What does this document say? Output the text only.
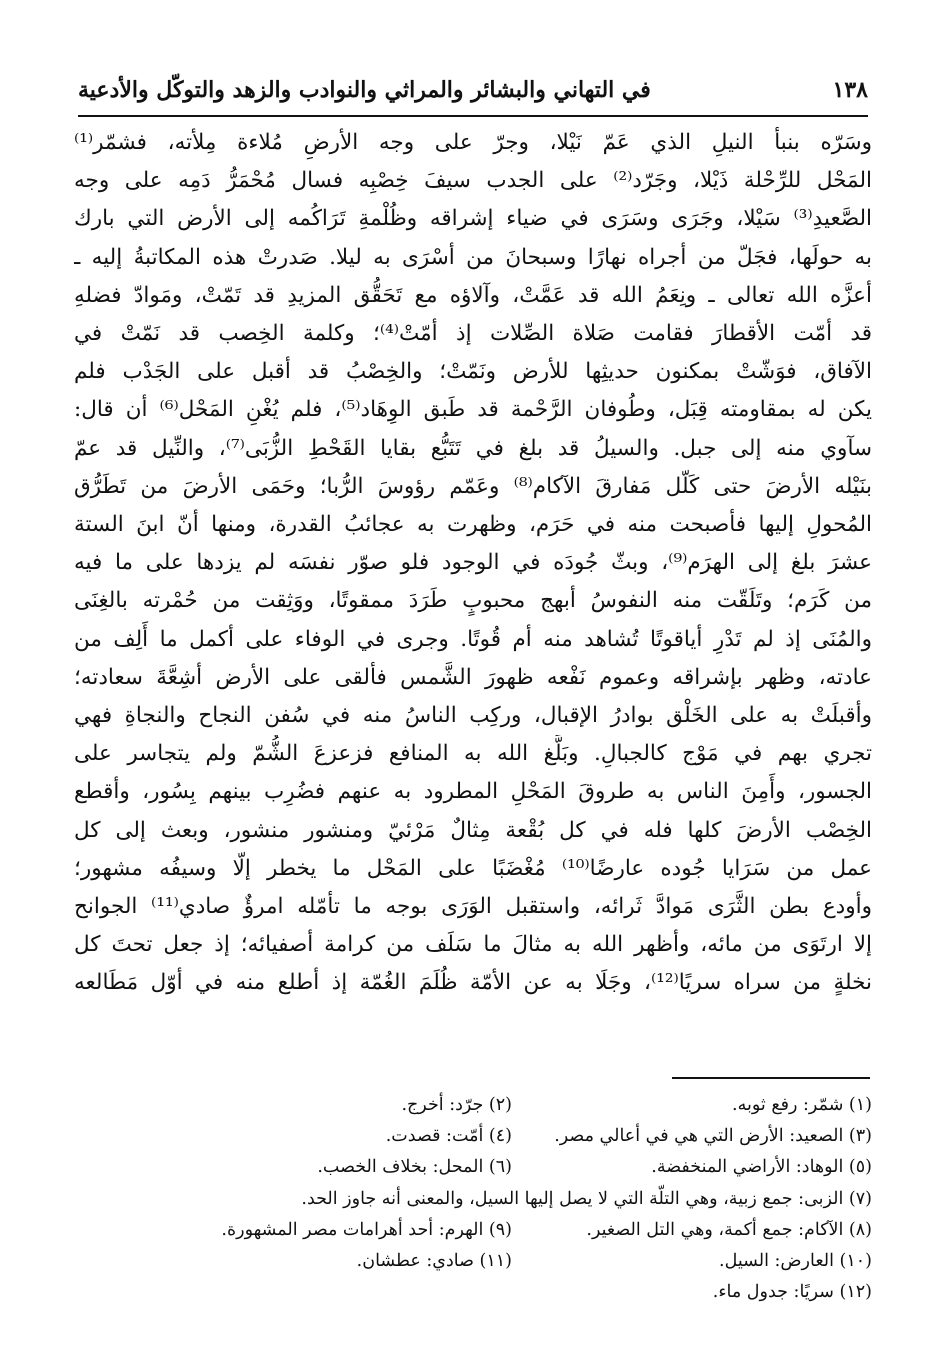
١٣٨
في التهاني والبشائر والمراثي والنوادب والزهد والتوكّل والأدعية
وسَرّه بنبأ النيلِ الذي عَمّ نَيْلا، وجرّ على وجه الأرضِ مُلاءة مِلأته، فشمّر⁽¹⁾
المَحْل للرِّحْلة ذَيْلا، وجَرّد⁽²⁾ على الجدب سيفَ خِصْبِه فسال مُحْمَرُّ دَمِه على وجه
الصَّعيدِ⁽³⁾ سَيْلا، وجَرَى وسَرَى في ضياء إشراقه وظُلْمةِ تَرَاكُمه إلى الأرض التي بارك
به حولَها، فجَلّ من أجراه نهارًا وسبحانَ من أسْرَى به ليلا. صَدرتْ هذه المكاتبةُ إليه ـ
أعزَّه الله تعالى ـ ونِعَمُ الله قد عَمَّتْ، وآلاؤه مع تَحَقُّق المزيدِ قد تَمّتْ، ومَوادّ فضلهِ
قد أمّت الأقطارَ فقامت صَلاة الصِّلات إذ أمّتْ⁽⁴⁾؛ وكلمة الخِصب قد نَمّتْ في
الآفاق، فوَشّتْ بمكنون حديثِها للأرض ونَمّتْ؛ والخِصْبُ قد أقبل على الجَدْب فلم
يكن له بمقاومته قِبَل، وطُوفان الرَّحْمة قد طَبق الوِهَاد⁽⁵⁾، فلم يُغْنِ المَحْل⁽⁶⁾ أن قال:
سآوي منه إلى جبل. والسيلُ قد بلغ في تَتَبُّع بقايا القَحْطِ الزُّبَى⁽⁷⁾، والنِّيل قد عمّ
بنَيْله الأرضَ حتى كَلّل مَفارقَ الآكام⁽⁸⁾ وعَمّم رؤوسَ الرُّبا؛ وحَمَى الأرضَ من تَطَرُّق
المُحولِ إليها فأصبحت منه في حَرَم، وظهرت به عجائبُ القدرة، ومنها أنّ ابنَ الستة
عشرَ بلغ إلى الهرَم⁽⁹⁾، وبثّ جُودَه في الوجود فلو صوّر نفسَه لم يزدها على ما فيه
من كَرَم؛ وتَلَقّت منه النفوسُ أبهج محبوبٍ طَرَدَ ممقوتًا، ووَثِقت من حُمْرته بالغِنَى
والمُنَى إذ لم تَدْرِ أياقوتًا تُشاهد منه أم قُوتًا. وجرى في الوفاء على أكمل ما أَلِف من
عادته، وظهر بإشراقه وعموم نَفْعه ظهورَ الشَّمس فألقى على الأرض أشِعَّةَ سعادته؛
وأقبلَتْ به على الخَلْق بوادرُ الإقبال، وركِب الناسُ منه في سُفن النجاح والنجاةِ فهي
تجري بهم في مَوْج كالجبالِ. وبَلَّغ الله به المنافع فزعزعَ الشُّمّ ولم يتجاسر على
الجسور، وأَمِنَ الناس به طروقَ المَحْلِ المطرود به عنهم فضُرِب بينهم بِسُور، وأقطع
الخِصْب الأرضَ كلها فله في كل بُقْعة مِثالٌ مَرْئيّ ومنشور منشور، وبعث إلى كل
عمل من سَرَايا جُوده عارضًا⁽¹⁰⁾ مُغْضَبًا على المَحْل ما يخطر إلّا وسيفُه مشهور؛
وأودع بطن الثَّرَى مَوادَّ ثَرائه، واستقبل الوَرَى بوجه ما تأمّله امرؤٌ صادي⁽¹¹⁾ الجوانح
إلا ارتَوَى من مائه، وأظهر الله به مثالَ ما سَلَف من كرامة أصفيائه؛ إذ جعل تحتَ كل
نخلةٍ من سراه سريًا⁽¹²⁾، وجَلَا به عن الأمّة ظُلَمَ الغُمّة إذ أطلع منه في أوّل مَطَالعه
(١) شمّر: رفع ثوبه.
(٢) جرّد: أخرج.
(٣) الصعيد: الأرض التي هي في أعالي مصر.
(٤) أمّت: قصدت.
(٥) الوهاد: الأراضي المنخفضة.
(٦) المحل: بخلاف الخصب.
(٧) الزبى: جمع زبية، وهي التلّة التي لا يصل إليها السيل، والمعنى أنه جاوز الحد.
(٨) الآكام: جمع أكمة، وهي التل الصغير.
(٩) الهرم: أحد أهرامات مصر المشهورة.
(١٠) العارض: السيل.
(١١) صادي: عطشان.
(١٢) سريًا: جدول ماء.
